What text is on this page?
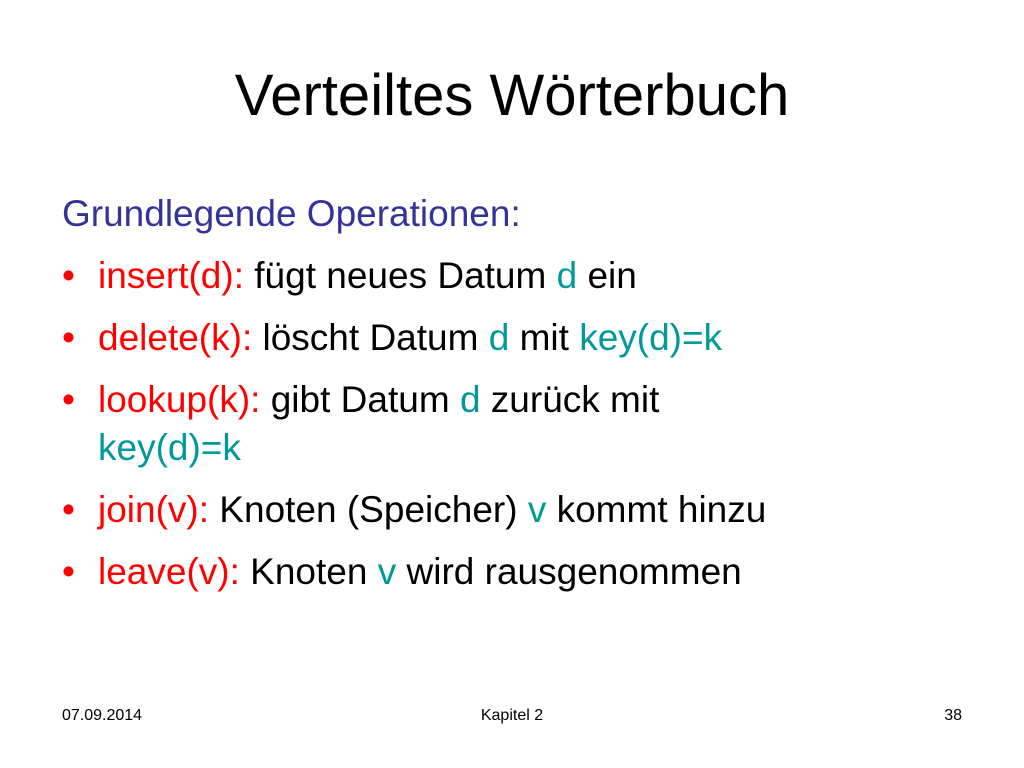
Verteiltes Wörterbuch
Grundlegende Operationen:
• insert(d): fügt neues Datum d ein
• delete(k): löscht Datum d mit key(d)=k
• lookup(k): gibt Datum d zurück mit
key(d)=k
• join(v): Knoten (Speicher) v kommt hinzu
• leave(v): Knoten v wird rausgenommen
07.09.2014	Kapitel 2	38
